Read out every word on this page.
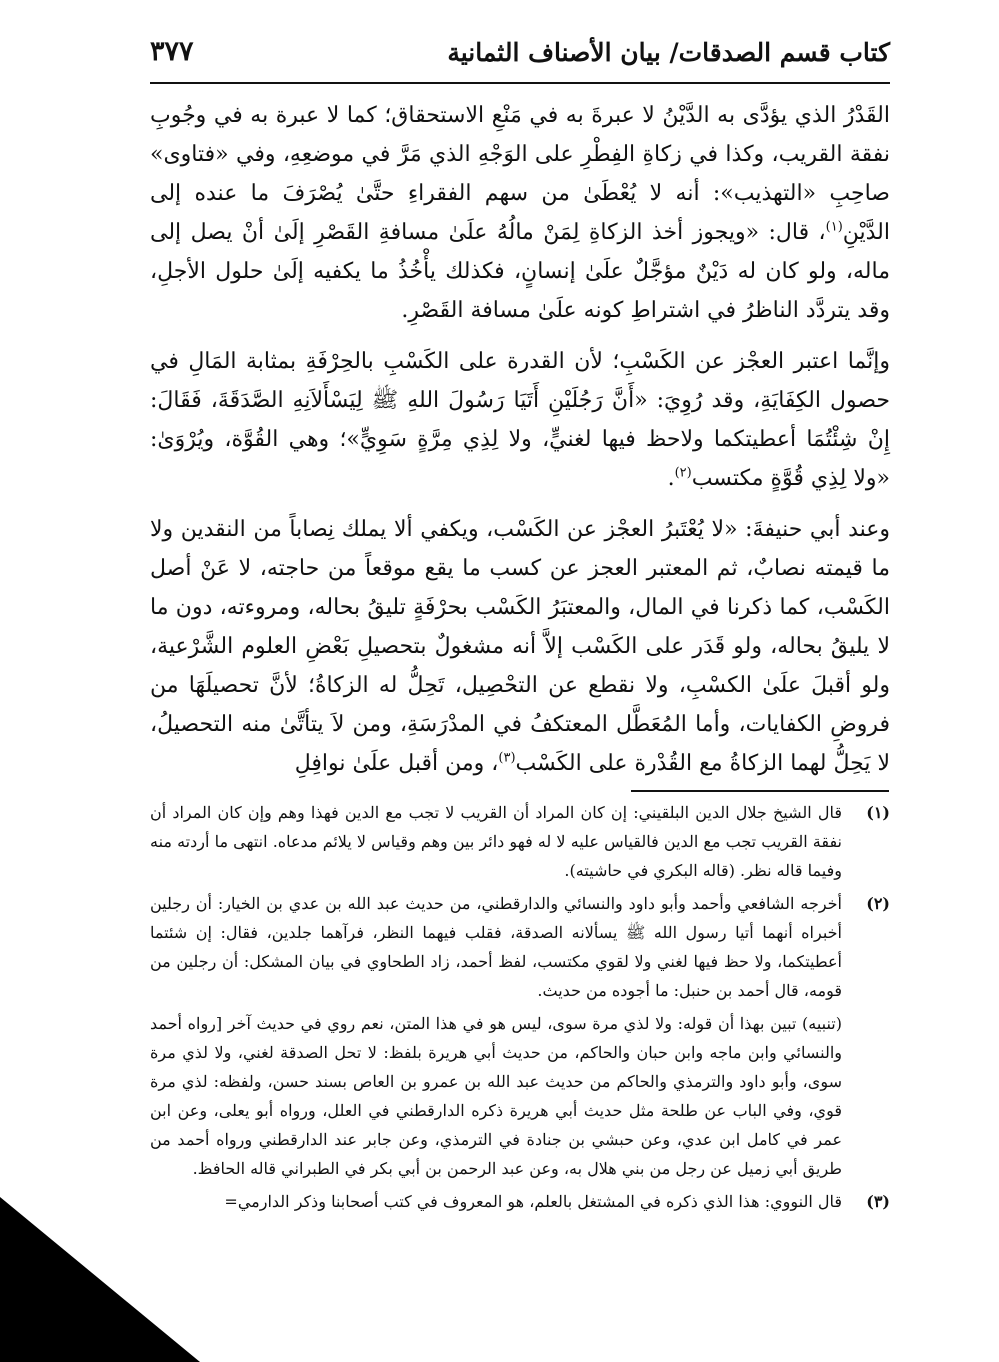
كتاب قسم الصدقات/ بيان الأصناف الثمانية
٣٧٧

القَدْرُ الذي يؤدَّى به الدَّيْنُ لا عبرةَ به في مَنْعِ الاستحقاق؛ كما لا عبرة به في وجُوبِ نفقة القريب، وكذا في زكاةِ الفِطْرِ على الوَجْهِ الذي مَرَّ في موضعِهِ، وفي «فتاوى» صاحِبِ «التهذيب»: أنه لا يُعْطَىٰ من سهم الفقراءِ حتَّىٰ يُصْرَفَ ما عنده إلى الدَّيْنِ$^{(١)}$، قال: «ويجوز أخذ الزكاةِ لِمَنْ مالُهُ علَىٰ مسافةِ القَصْرِ إلَىٰ أنْ يصل إلى ماله، ولو كان له دَيْنٌ مؤجَّلٌ علَىٰ إنسانٍ، فكذلك يأْخُذُ ما يكفيه إلَىٰ حلول الأجلِ، وقد يتردَّد الناظرُ في اشتراطِ كونه علَىٰ مسافة القَصْرِ.

وإنَّما اعتبر العجْز عن الكَسْبِ؛ لأن القدرة على الكَسْبِ بالحِرْفَةِ بمثابة المَالِ في حصول الكِفَايَةِ، وقد رُوِيَ: «أَنَّ رَجُلَيْنِ أَتَيَا رَسُولَ اللهِ ﷺ لِيَسْأَلاَنِهِ الصَّدَقَةَ، فَقَالَ: إِنْ شِئْتُمَا أعطيتكما ولاحظ فيها لغنيٍّ، ولا لِذِي مِرَّةٍ سَوِيٍّ»؛ وهي القُوَّة، ويُرْوَىٰ: «ولا لِذِي قُوَّةٍ مكتسب$^{(٢)}$.

وعند أبي حنيفةَ: «لا يُعْتَبرُ العجْز عن الكَسْب، ويكفي ألا يملك نِصاباً من النقدين ولا ما قيمته نصابٌ، ثم المعتبر العجز عن كسب ما يقع موقعاً من حاجته، لا عَنْ أصل الكَسْب، كما ذكرنا في المال، والمعتبَرُ الكَسْب بحرْفَةٍ تليقُ بحاله، ومروءته، دون ما لا يليقُ بحاله، ولو قَدَر على الكَسْب إلاَّ أنه مشغولٌ بتحصيلِ بَعْضِ العلوم الشَّرْعية، ولو أقبلَ علَىٰ الكسْبِ، ولا نقطع عن التحْصِيل، تَحِلُّ له الزكاةُ؛ لأنَّ تحصيلَهَا من فروضِ الكفايات، وأما المُعَطَّل المعتكفُ في المدْرَسَةِ، ومن لاَ يتأتَّىٰ منه التحصيلُ، لا يَحِلُّ لهما الزكاةُ مع القُدْرة على الكَسْب$^{(٣)}$، ومن أقبل علَىٰ نوافِلِ

(١)
قال الشيخ جلال الدين البلقيني: إن كان المراد أن القريب لا تجب مع الدين فهذا وهم وإن كان المراد أن نفقة القريب تجب مع الدين فالقياس عليه لا له فهو دائر بين وهم وقياس لا يلائم مدعاه. انتهى ما أردته منه وفيما قاله نظر. (قاله البكري في حاشيته).
(٢)
أخرجه الشافعي وأحمد وأبو داود والنسائي والدارقطني، من حديث عبد الله بن عدي بن الخيار: أن رجلين أخبراه أنهما أتيا رسول الله ﷺ يسألانه الصدقة، فقلب فيهما النظر، فرآهما جلدين، فقال: إن شئتما أعطيتكما، ولا حظ فيها لغني ولا لقوي مكتسب، لفظ أحمد، زاد الطحاوي في بيان المشكل: أن رجلين من قومه، قال أحمد بن حنبل: ما أجوده من حديث.
(تنبيه) تبين بهذا أن قوله: ولا لذي مرة سوى، ليس هو في هذا المتن، نعم روي في حديث آخر [رواه أحمد والنسائي وابن ماجه وابن حبان والحاكم، من حديث أبي هريرة بلفظ: لا تحل الصدقة لغني، ولا لذي مرة سوى، وأبو داود والترمذي والحاكم من حديث عبد الله بن عمرو بن العاص بسند حسن، ولفظه: لذي مرة قوي، وفي الباب عن طلحة مثل حديث أبي هريرة ذكره الدارقطني في العلل، ورواه أبو يعلى، وعن ابن عمر في كامل ابن عدي، وعن حبشي بن جنادة في الترمذي، وعن جابر عند الدارقطني ورواه أحمد من طريق أبي زميل عن رجل من بني هلال به، وعن عبد الرحمن بن أبي بكر في الطبراني قاله الحافظ.
(٣)
قال النووي: هذا الذي ذكره في المشتغل بالعلم، هو المعروف في كتب أصحابنا وذكر الدارمي=
